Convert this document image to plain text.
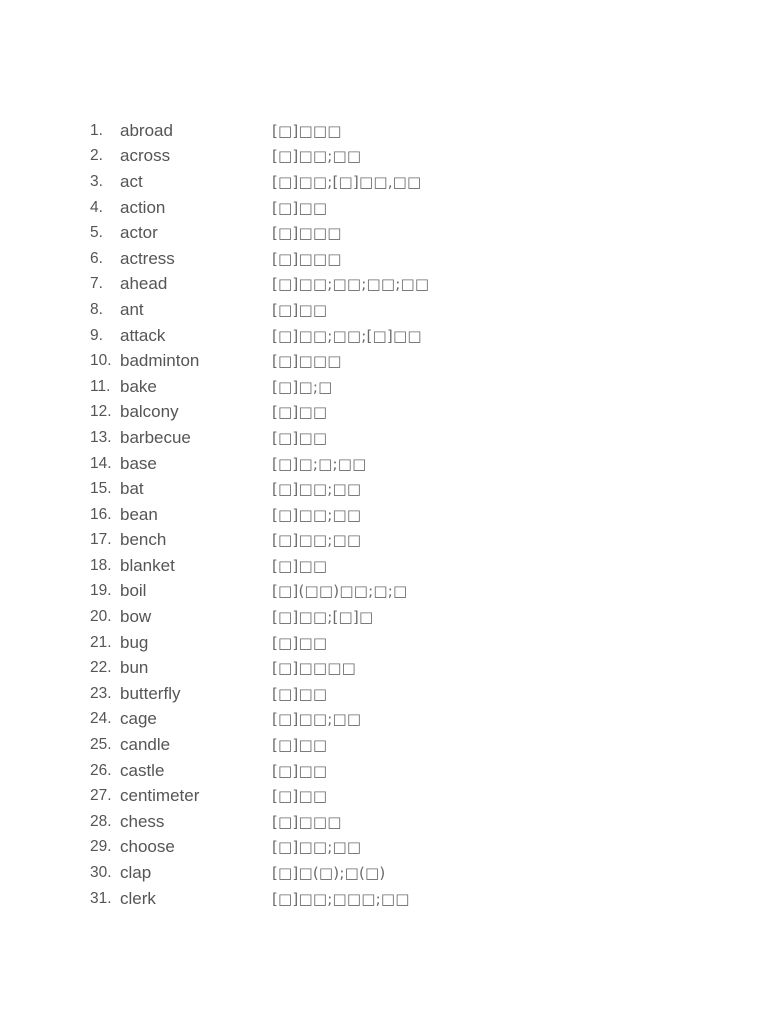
1.	abroad	[□]□□□
2.	across	[□]□□;□□
3.	act	[□]□□;[□]□□,□□
4.	action	[□]□□
5.	actor	[□]□□□
6.	actress	[□]□□□
7.	ahead	[□]□□;□□;□□;□□
8.	ant	[□]□□
9.	attack	[□]□□;□□;[□]□□
10. badminton	[□]□□□
11. bake	[□]□;□
12. balcony	[□]□□
13. barbecue	[□]□□
14. base	[□]□;□;□□
15. bat	[□]□□;□□
16. bean	[□]□□;□□
17. bench	[□]□□;□□
18. blanket	[□]□□
19. boil	[□](□□)□□;□;□
20. bow	[□]□□;[□]□
21. bug	[□]□□
22. bun	[□]□□□□
23. butterfly	[□]□□
24. cage	[□]□□;□□
25. candle	[□]□□
26. castle	[□]□□
27. centimeter	[□]□□
28. chess	[□]□□□
29. choose	[□]□□;□□
30. clap	[□]□(□);□(□)
31. clerk	[□]□□;□□□;□□
